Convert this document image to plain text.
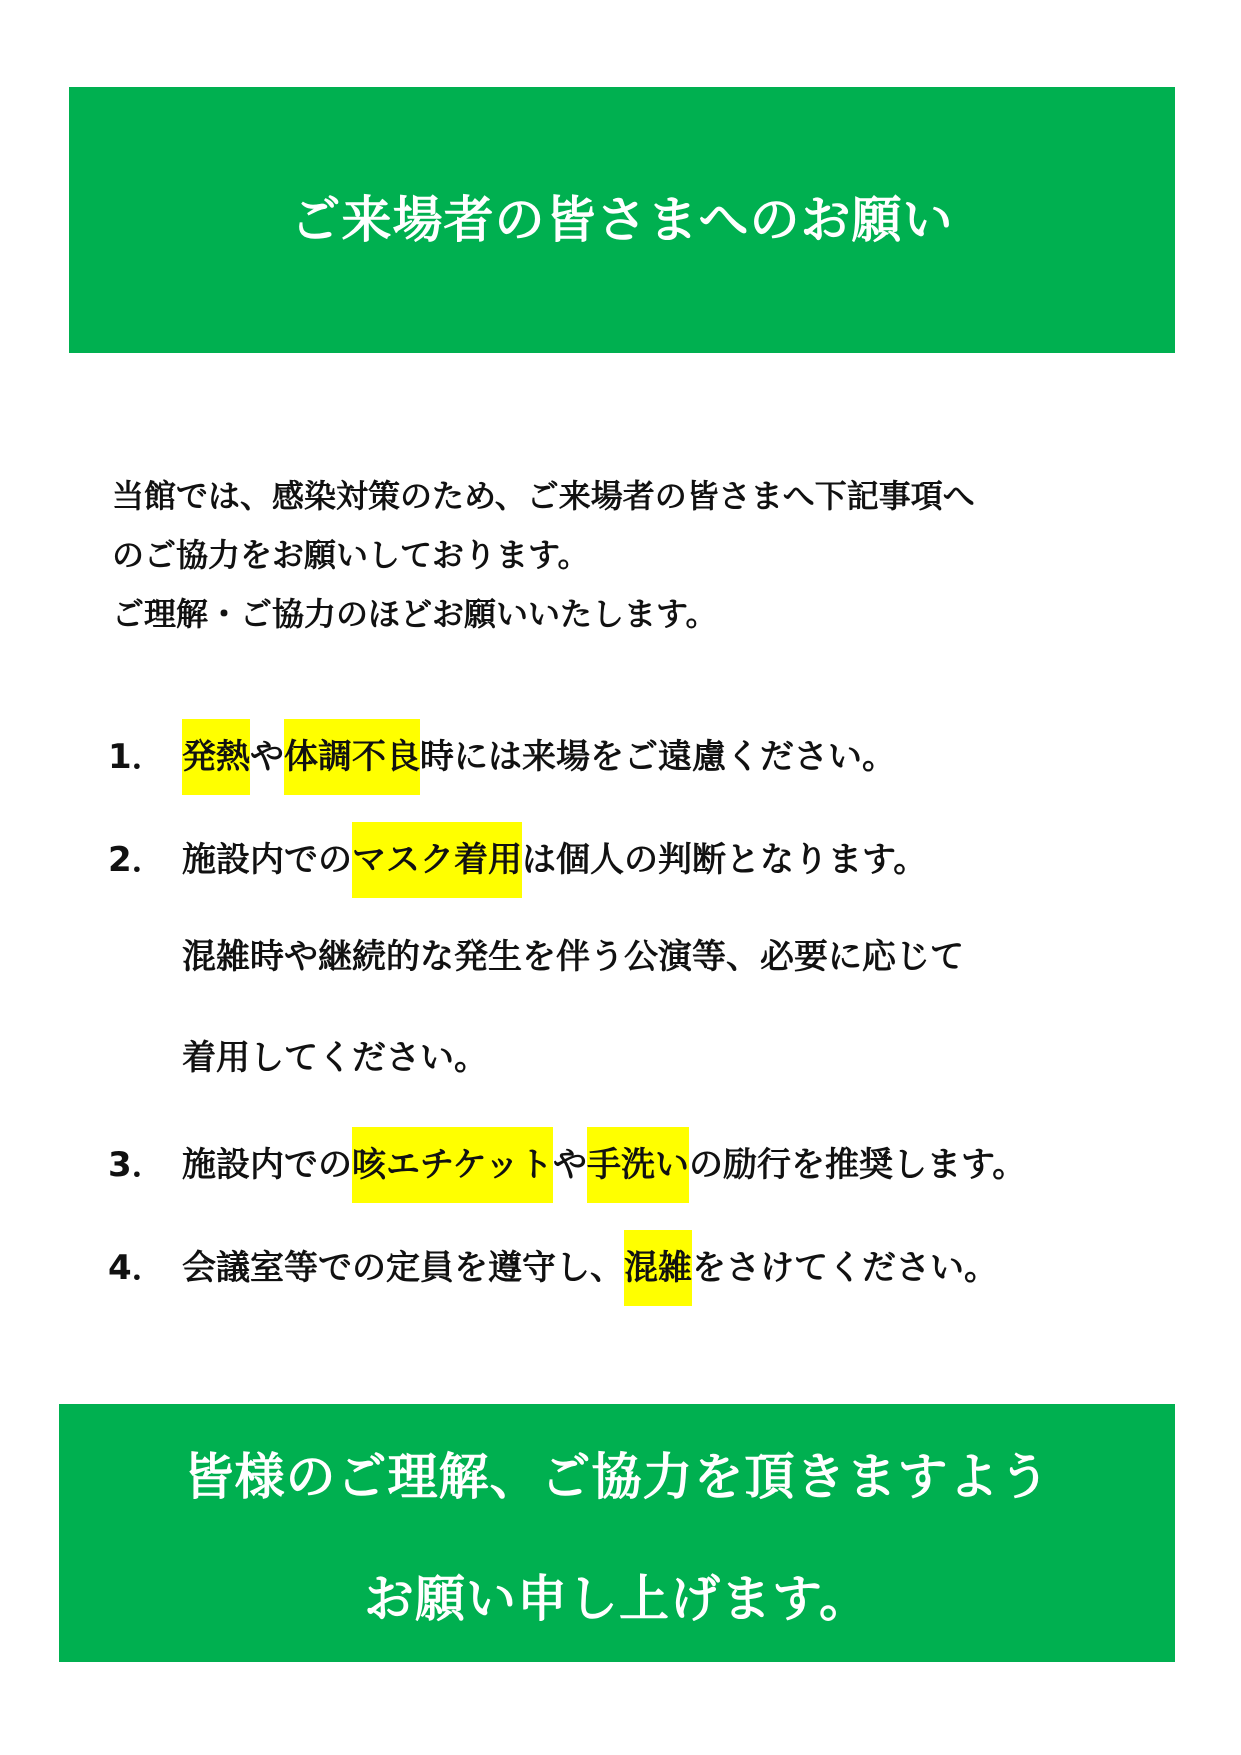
ご来場者の皆さまへのお願い
当館では、感染対策のため、ご来場者の皆さまへ下記事項へ
のご協力をお願いしております。
ご理解・ご協力のほどお願いいたします。
1． 発熱や体調不良時には来場をご遠慮ください。
2． 施設内でのマスク着用は個人の判断となります。
混雑時や継続的な発生を伴う公演等、必要に応じて
着用してください。
3． 施設内での咳エチケットや手洗いの励行を推奨します。
4． 会議室等での定員を遵守し、混雑をさけてください。
皆様のご理解、ご協力を頂きますよう
お願い申し上げます。
